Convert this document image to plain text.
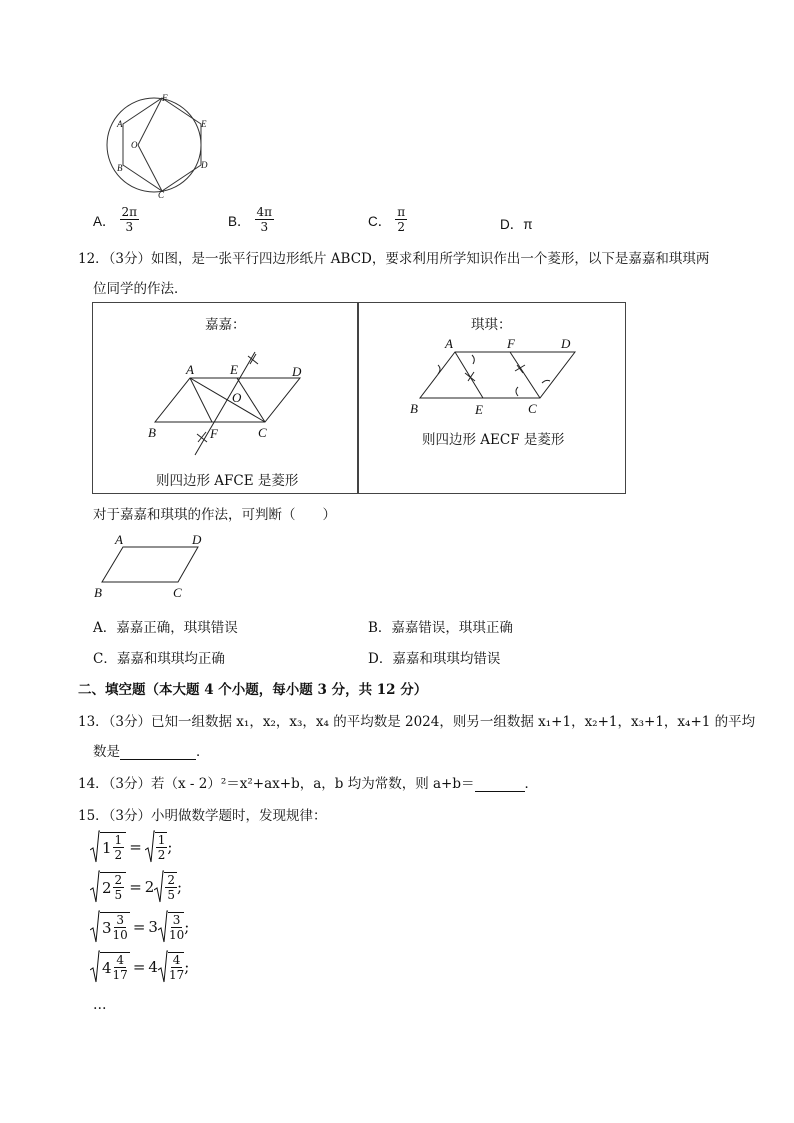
F
E
D
C
B
A
O
A． $\frac{2\pi}{3}$	B． $\frac{4\pi}{3}$	C． $\frac{\pi}{2}$	D．π
12．（3分）如图，是一张平行四边形纸片 ABCD，要求利用所学知识作出一个菱形，以下是嘉嘉和琪琪两
位同学的作法．
嘉嘉：	琪琪：
A	E	D
B	F	C
O
则四边形 AFCE 是菱形
A	F	D
B	E	C
则四边形 AECF 是菱形
对于嘉嘉和琪琪的作法，可判断（　　）
A	D
B	C
A．嘉嘉正确，琪琪错误	B．嘉嘉错误，琪琪正确
C．嘉嘉和琪琪均正确	D．嘉嘉和琪琪均错误
二、填空题（本大题 4 个小题，每小题 3 分，共 12 分）
13．（3分）已知一组数据 x₁，x₂，x₃，x₄ 的平均数是 2024，则另一组数据 x₁+1，x₂+1，x₃+1，x₄+1 的平均
数是	．
14．（3分）若（x - 2）²＝x²+ax+b，a，b 均为常数，则 a+b＝	．
15．（3分）小明做数学题时，发现规律：
$1 \frac{1}{2} = \frac{1}{2}$ ;
$2 \frac{2}{5} = 2 \frac{2}{5}$ ;
$3 \frac{3}{10} = 3 \frac{3}{10}$ ;
$4 \frac{4}{17} = 4 \frac{4}{17}$ ;
…
